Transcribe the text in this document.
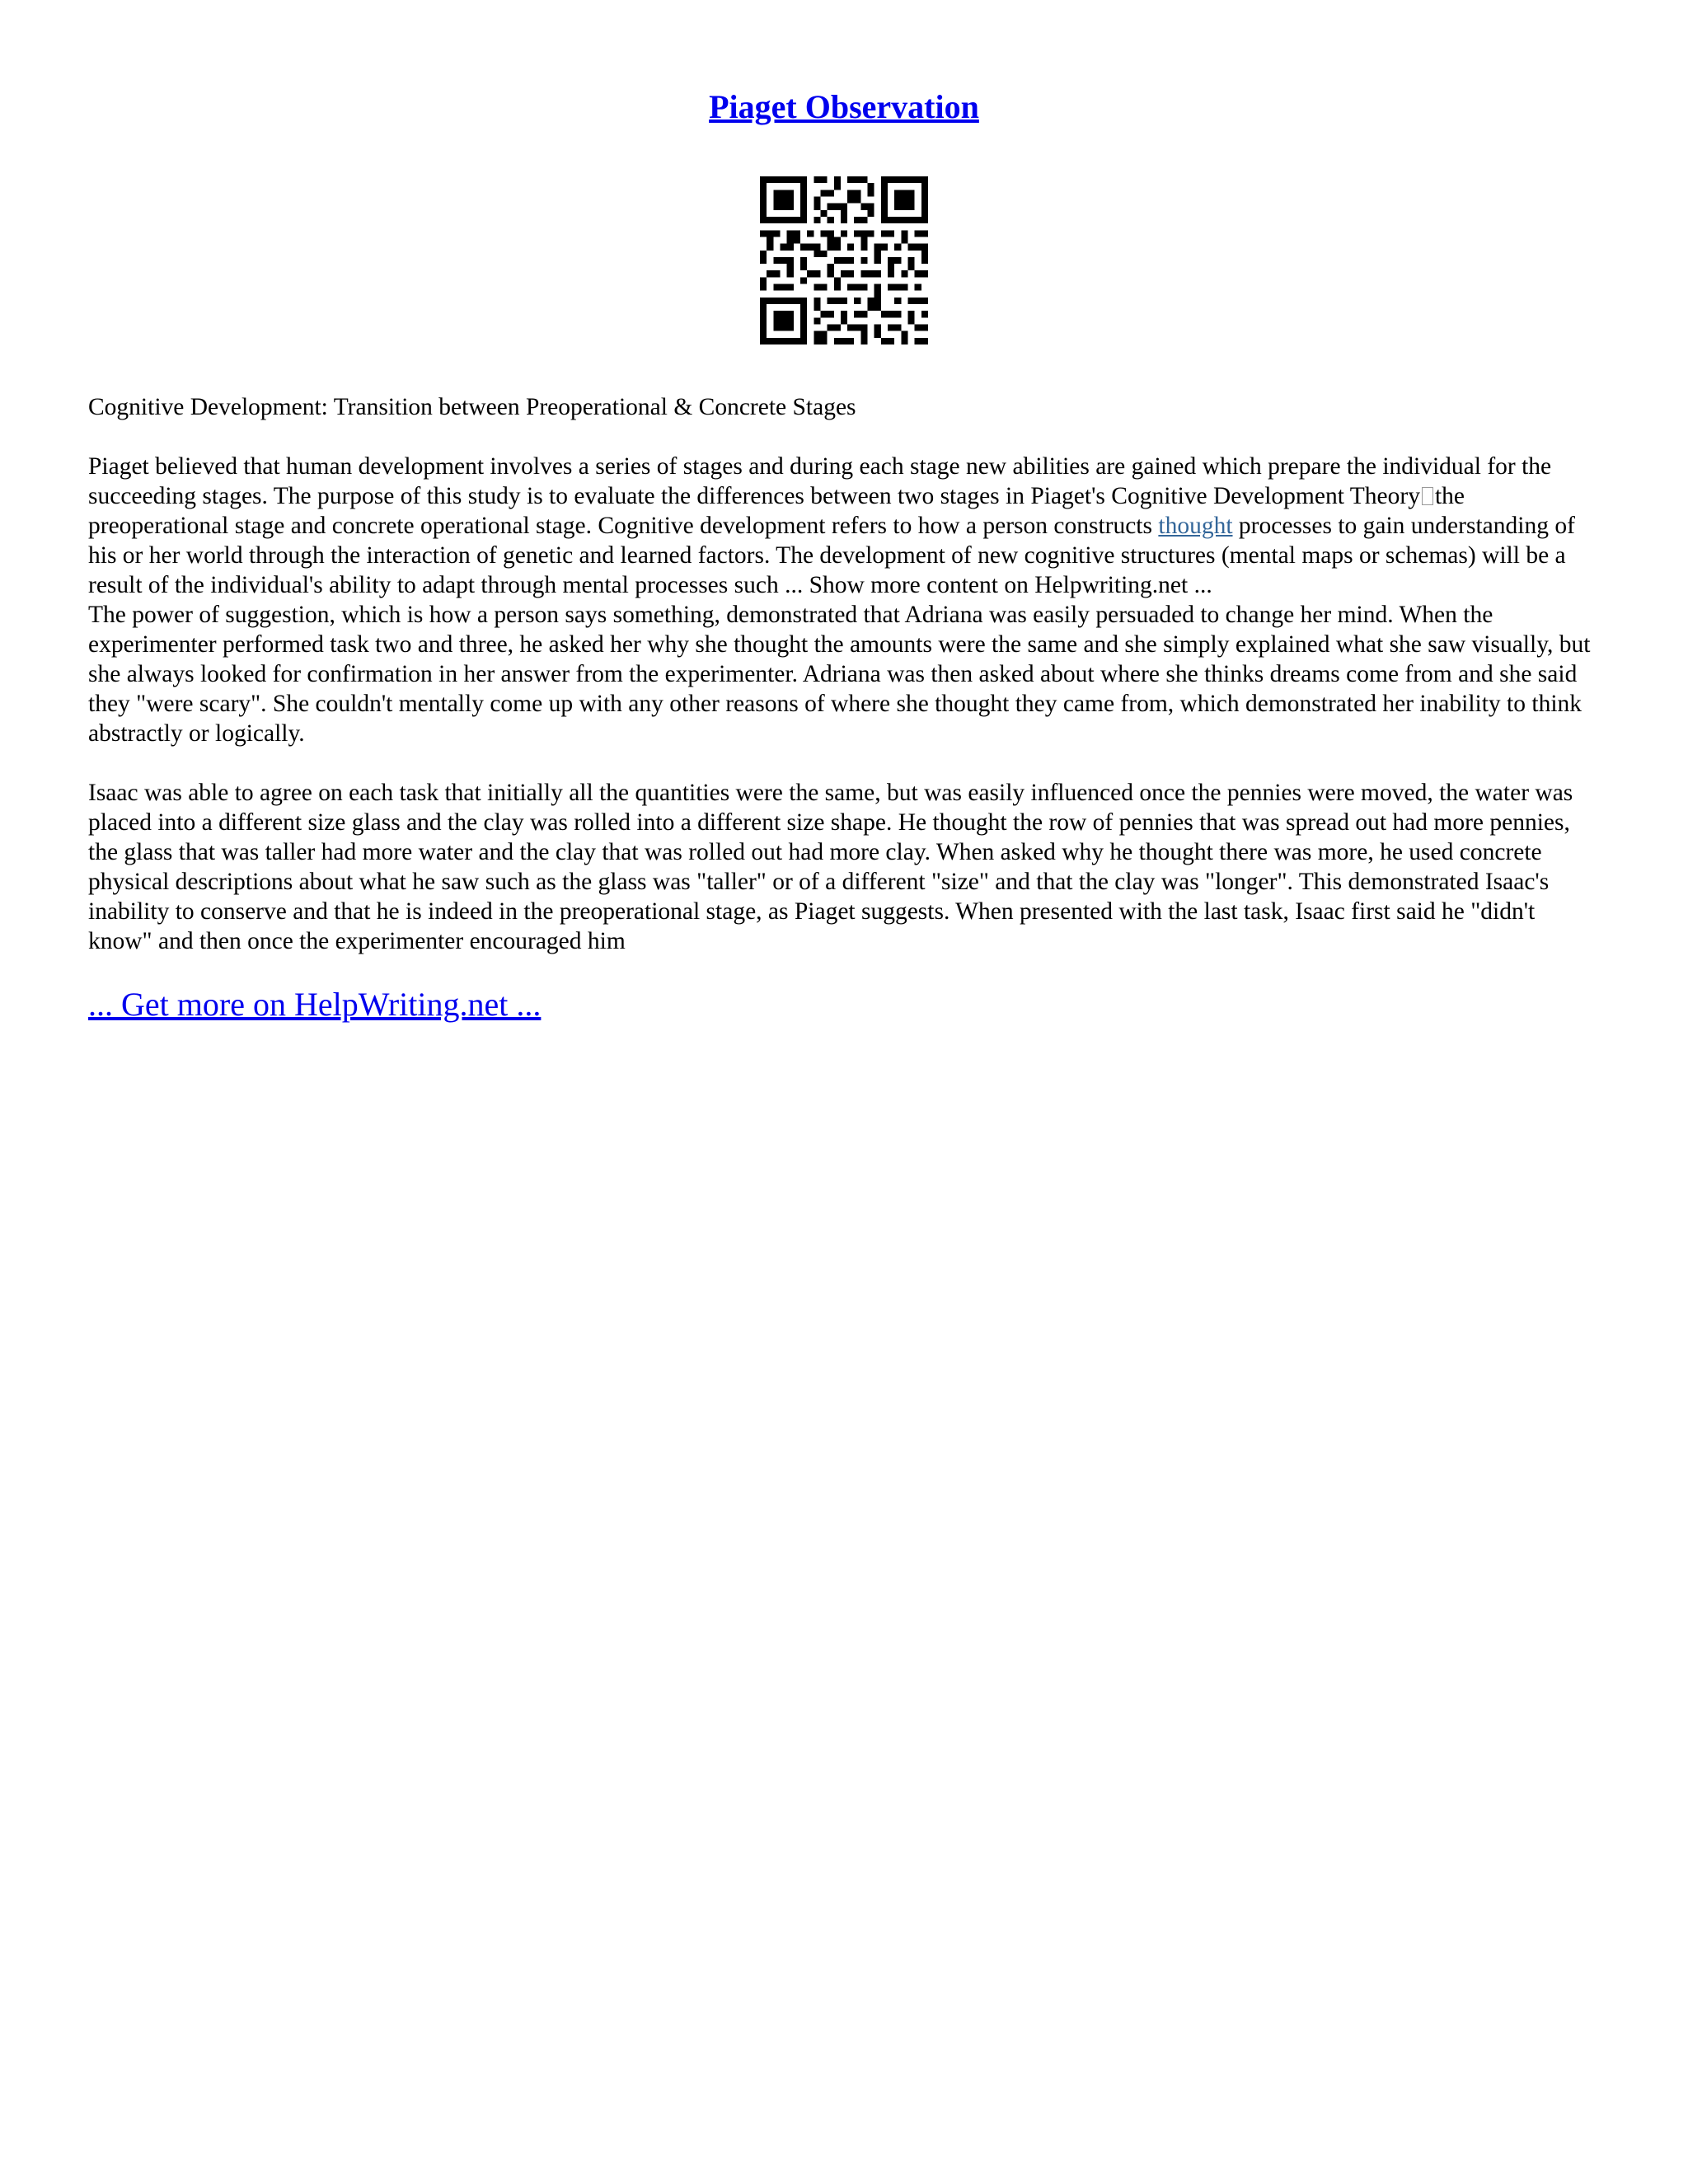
Piaget Observation

Cognitive Development: Transition between Preoperational & Concrete Stages

Piaget believed that human development involves a series of stages and during each stage new abilities are gained which prepare the individual for the succeeding stages. The purpose of this study is to evaluate the differences between two stages in Piaget's Cognitive Development Theory the preoperational stage and concrete operational stage. Cognitive development refers to how a person constructs thought processes to gain understanding of his or her world through the interaction of genetic and learned factors. The development of new cognitive structures (mental maps or schemas) will be a result of the individual's ability to adapt through mental processes such ... Show more content on Helpwriting.net ...
The power of suggestion, which is how a person says something, demonstrated that Adriana was easily persuaded to change her mind. When the experimenter performed task two and three, he asked her why she thought the amounts were the same and she simply explained what she saw visually, but she always looked for confirmation in her answer from the experimenter. Adriana was then asked about where she thinks dreams come from and she said they "were scary". She couldn't mentally come up with any other reasons of where she thought they came from, which demonstrated her inability to think abstractly or logically.

Isaac was able to agree on each task that initially all the quantities were the same, but was easily influenced once the pennies were moved, the water was placed into a different size glass and the clay was rolled into a different size shape. He thought the row of pennies that was spread out had more pennies, the glass that was taller had more water and the clay that was rolled out had more clay. When asked why he thought there was more, he used concrete physical descriptions about what he saw such as the glass was "taller" or of a different "size" and that the clay was "longer". This demonstrated Isaac's inability to conserve and that he is indeed in the preoperational stage, as Piaget suggests. When presented with the last task, Isaac first said he "didn't know" and then once the experimenter encouraged him

... Get more on HelpWriting.net ...
